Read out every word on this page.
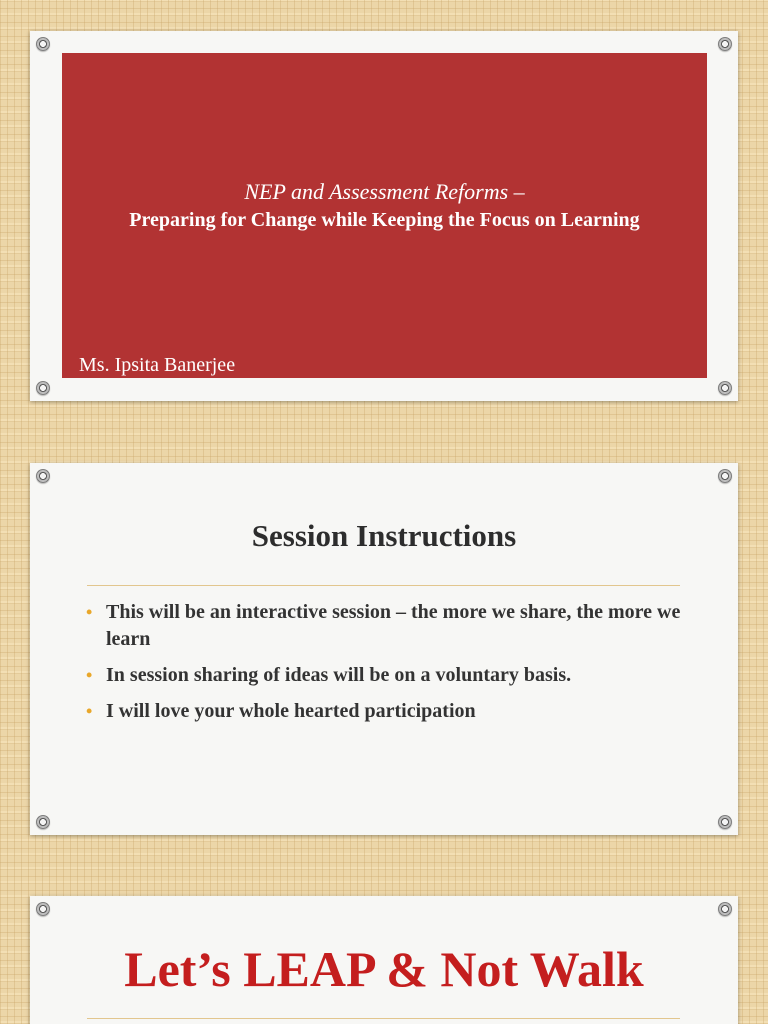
NEP and Assessment Reforms –
Preparing for Change while Keeping the Focus on Learning
Ms. Ipsita Banerjee
Session Instructions
• This will be an interactive session – the more we share, the more we learn
• In session sharing of ideas will be on a voluntary basis.
• I will love your whole hearted participation
Let’s LEAP & Not Walk
